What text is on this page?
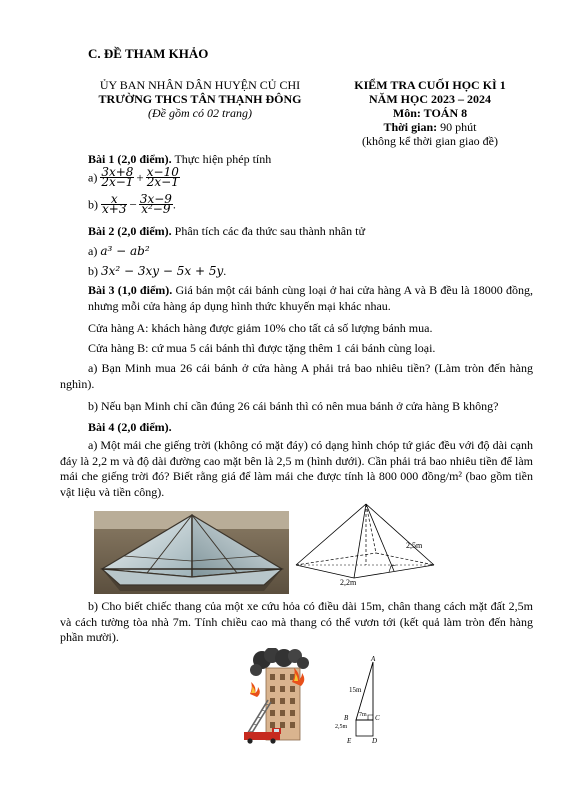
C. ĐỀ THAM KHẢO
ỦY BAN NHÂN DÂN HUYỆN CỦ CHI
TRƯỜNG THCS TÂN THẠNH ĐÔNG
(Đề gồm có 02 trang)
KIỂM TRA CUỐI HỌC KÌ 1
NĂM HỌC 2023 – 2024
Môn: TOÁN 8
Thời gian: 90 phút
(không kể thời gian giao đề)
Bài 1 (2,0 điểm). Thực hiện phép tính
$a) \frac{3x+8}{2x-1} + \frac{x-10}{2x-1}$
$b) \frac{x}{x+3} - \frac{3x-9}{\text{x²−9}}$ .
Bài 2 (2,0 điểm). Phân tích các đa thức sau thành nhân tử
a) a³ − ab²
b) 3x² − 3xy − 5x + 5y.
Bài 3 (1,0 điểm). Giá bán một cái bánh cùng loại ở hai cửa hàng A và B đều là 18000 đồng, nhưng mỗi cửa hàng áp dụng hình thức khuyến mại khác nhau.
Cửa hàng A: khách hàng được giảm 10% cho tất cả số lượng bánh mua.
Cửa hàng B: cứ mua 5 cái bánh thì được tặng thêm 1 cái bánh cùng loại.
a) Bạn Minh mua 26 cái bánh ở cửa hàng A phải trả bao nhiêu tiền? (Làm tròn đến hàng nghìn).
b) Nếu bạn Minh chỉ cần đúng 26 cái bánh thì có nên mua bánh ở cửa hàng B không?
Bài 4 (2,0 điểm).
a) Một mái che giếng trời (không có mặt đáy) có dạng hình chóp tứ giác đều với độ dài cạnh đáy là 2,2 m và độ dài đường cao mặt bên là 2,5 m (hình dưới). Cần phải trả bao nhiêu tiền để làm mái che giếng trời đó? Biết rằng giá để làm mái che được tính là 800 000 đồng/m² (bao gồm tiền vật liệu và tiền công).
2,5m
2,2m
b) Cho biết chiếc thang của một xe cứu hỏa có điều dài 15m, chân thang cách mặt đất 2,5m và cách tường tòa nhà 7m. Tính chiều cao mà thang có thể vươn tới (kết quả làm tròn đến hàng phần mười).
A
15m
B 7m C
2,5m
E	D
